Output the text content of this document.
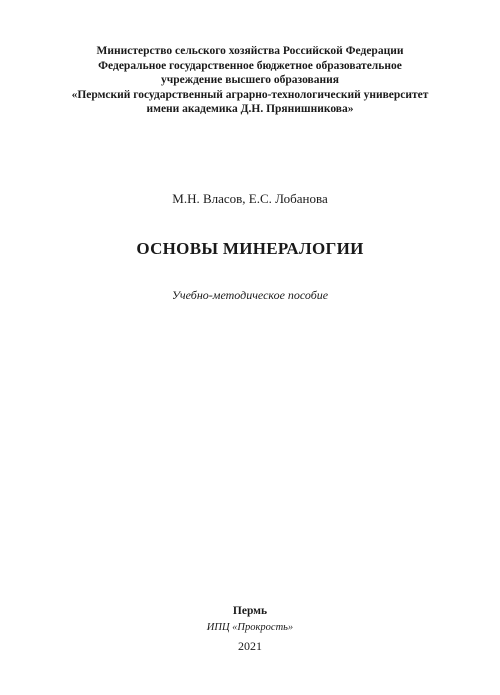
Министерство сельского хозяйства Российской Федерации
Федеральное государственное бюджетное образовательное
учреждение высшего образования
«Пермский государственный аграрно-технологический университет
имени академика Д.Н. Прянишникова»
М.Н. Власов, Е.С. Лобанова
ОСНОВЫ МИНЕРАЛОГИИ
Учебно-методическое пособие
Пермь
ИПЦ «Прокрость»
2021
